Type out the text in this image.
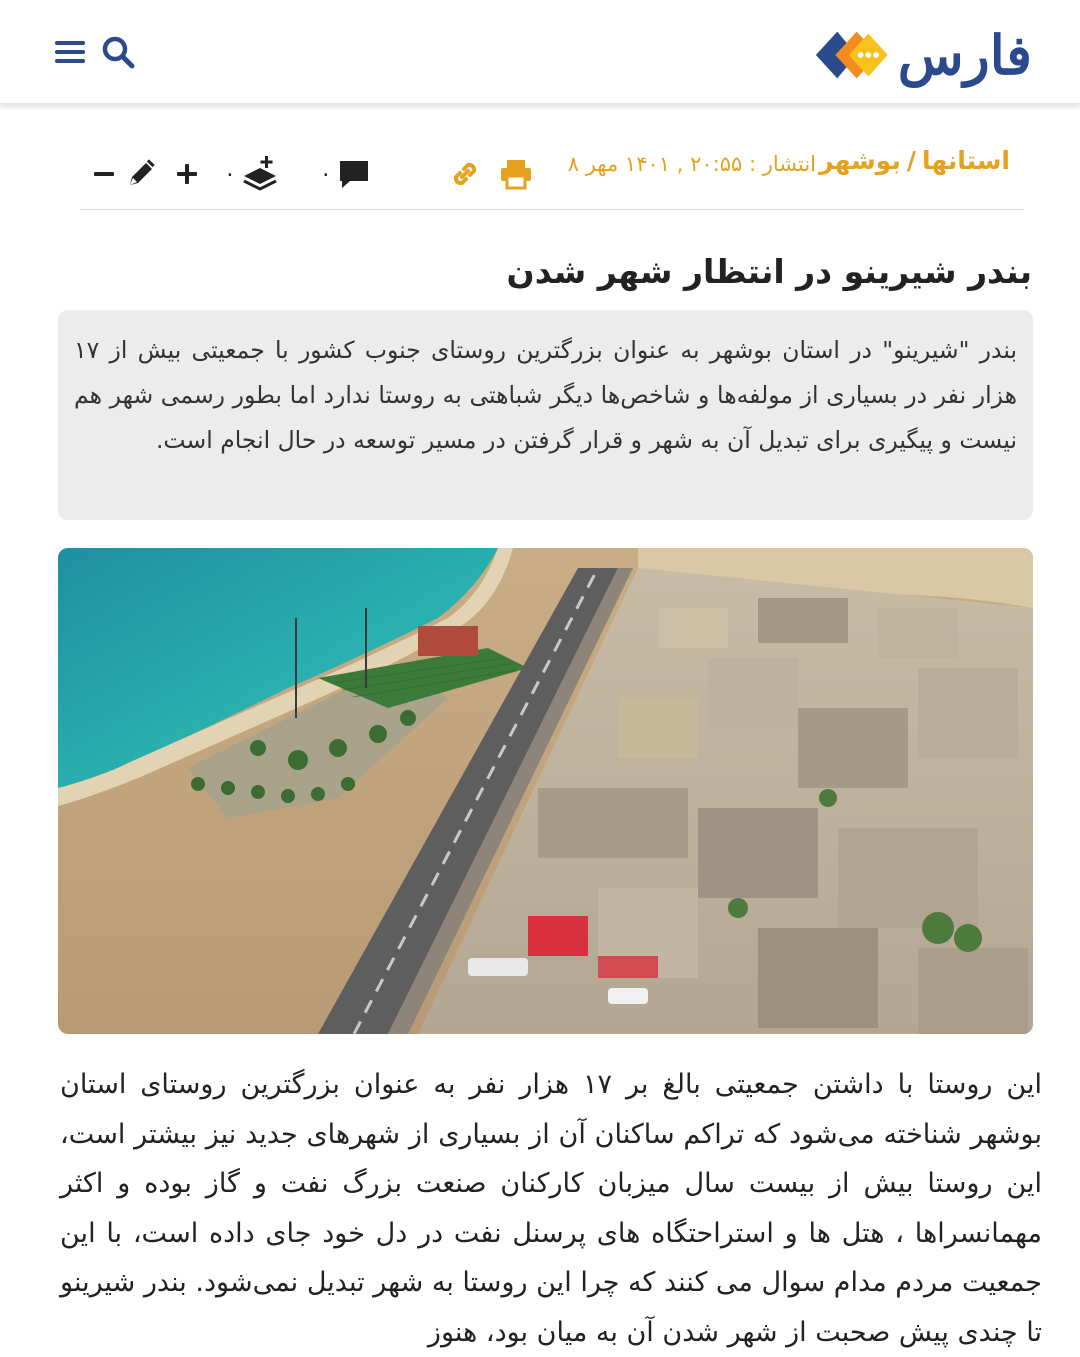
فارس
استانها/بوشهر
انتشار : ۲۰:۵۵ , ۱۴۰۱ مهر ۸
۰	۰
بندر شیرینو در انتظار شهر شدن
بندر "شیرینو" در استان بوشهر به عنوان بزرگترین روستای جنوب کشور با جمعیتی بیش از ۱۷ هزار نفر در بسیاری از مولفه‌ها و شاخص‌ها دیگر شباهتی به روستا ندارد اما بطور رسمی شهر هم نیست و پیگیری برای تبدیل آن به شهر و قرار گرفتن در مسیر توسعه در حال انجام است.
این روستا با داشتن جمعیتی بالغ بر ۱۷ هزار نفر به عنوان بزرگترین روستای استان بوشهر شناخته می‌شود که تراکم ساکنان آن از بسیاری از شهرهای جدید نیز بیشتر است، این روستا بیش از بیست سال میزبان کارکنان صنعت بزرگ نفت و گاز بوده و اکثر مهمانسراها ، هتل ها و استراحتگاه های پرسنل نفت در دل خود جای داده است، با این جمعیت مردم مدام سوال می کنند که چرا این روستا به شهر تبدیل نمی‌شود. بندر شیرینو تا چندی پیش صحبت از شهر شدن آن به میان بود، هنوز
